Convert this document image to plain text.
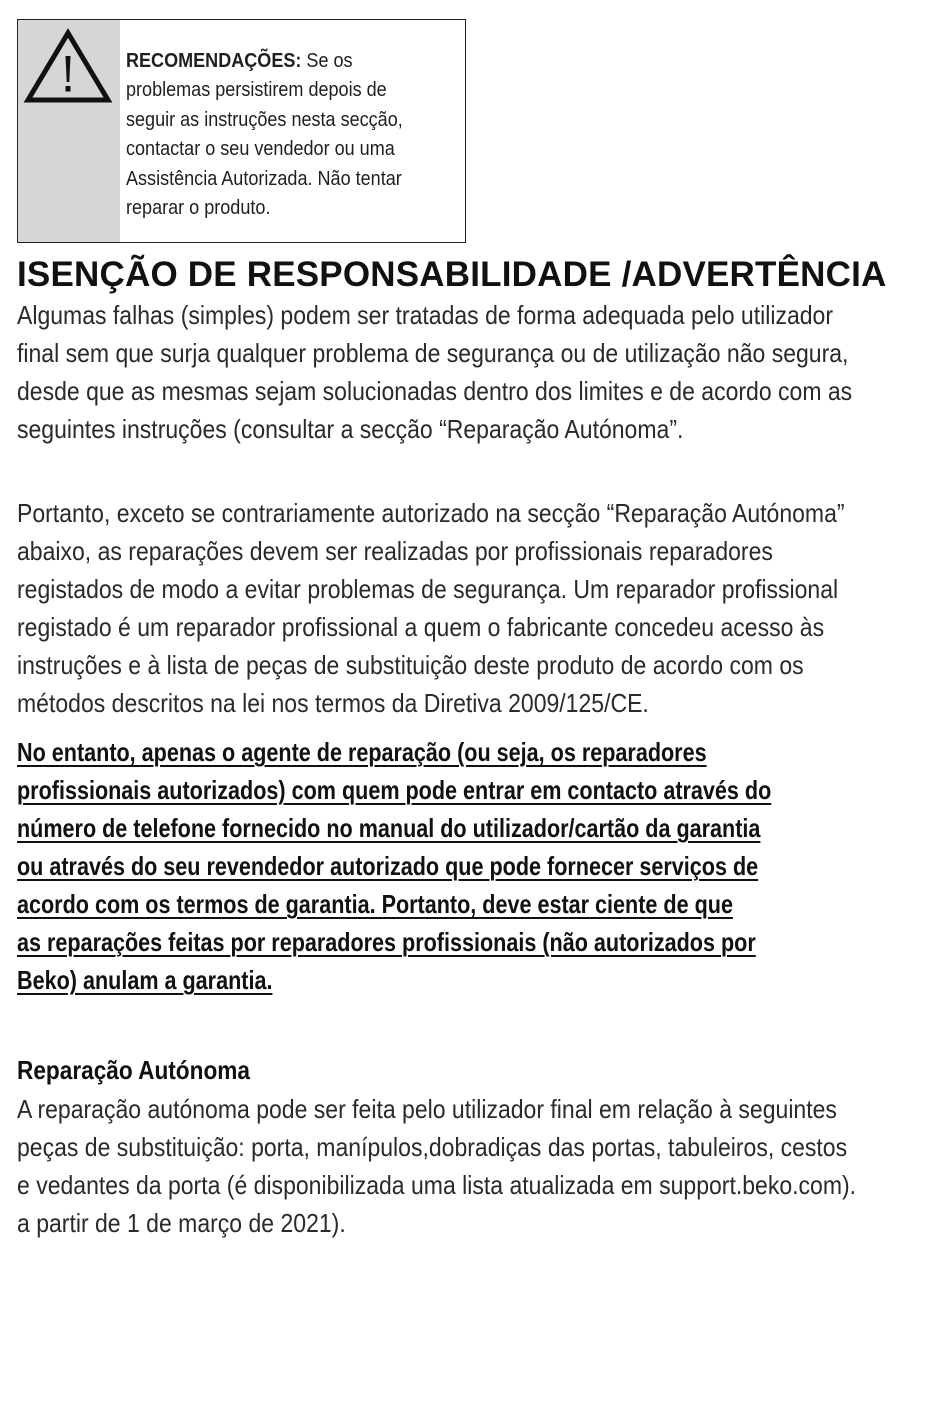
RECOMENDAÇÕES: Se os
problemas persistirem depois de
seguir as instruções nesta secção,
contactar o seu vendedor ou uma
Assistência Autorizada. Não tentar
reparar o produto.
ISENÇÃO DE RESPONSABILIDADE /ADVERTÊNCIA

Algumas falhas (simples) podem ser tratadas de forma adequada pelo utilizador
final sem que surja qualquer problema de segurança ou de utilização não segura,
desde que as mesmas sejam solucionadas dentro dos limites e de acordo com as
seguintes instruções (consultar a secção “Reparação Autónoma”.

Portanto, exceto se contrariamente autorizado na secção “Reparação Autónoma”
abaixo, as reparações devem ser realizadas por profissionais reparadores
registados de modo a evitar problemas de segurança. Um reparador profissional
registado é um reparador profissional a quem o fabricante concedeu acesso às
instruções e à lista de peças de substituição deste produto de acordo com os
métodos descritos na lei nos termos da Diretiva 2009/125/CE.

No entanto, apenas o agente de reparação (ou seja, os reparadores
profissionais autorizados) com quem pode entrar em contacto através do
número de telefone fornecido no manual do utilizador/cartão da garantia
ou através do seu revendedor autorizado que pode fornecer serviços de
acordo com os termos de garantia. Portanto, deve estar ciente de que
as reparações feitas por reparadores profissionais (não autorizados por
Beko) anulam a garantia.

Reparação Autónoma

A reparação autónoma pode ser feita pelo utilizador final em relação à seguintes
peças de substituição: porta, manípulos,dobradiças das portas, tabuleiros, cestos
e vedantes da porta (é disponibilizada uma lista atualizada em support.beko.com).
a partir de 1 de março de 2021).
